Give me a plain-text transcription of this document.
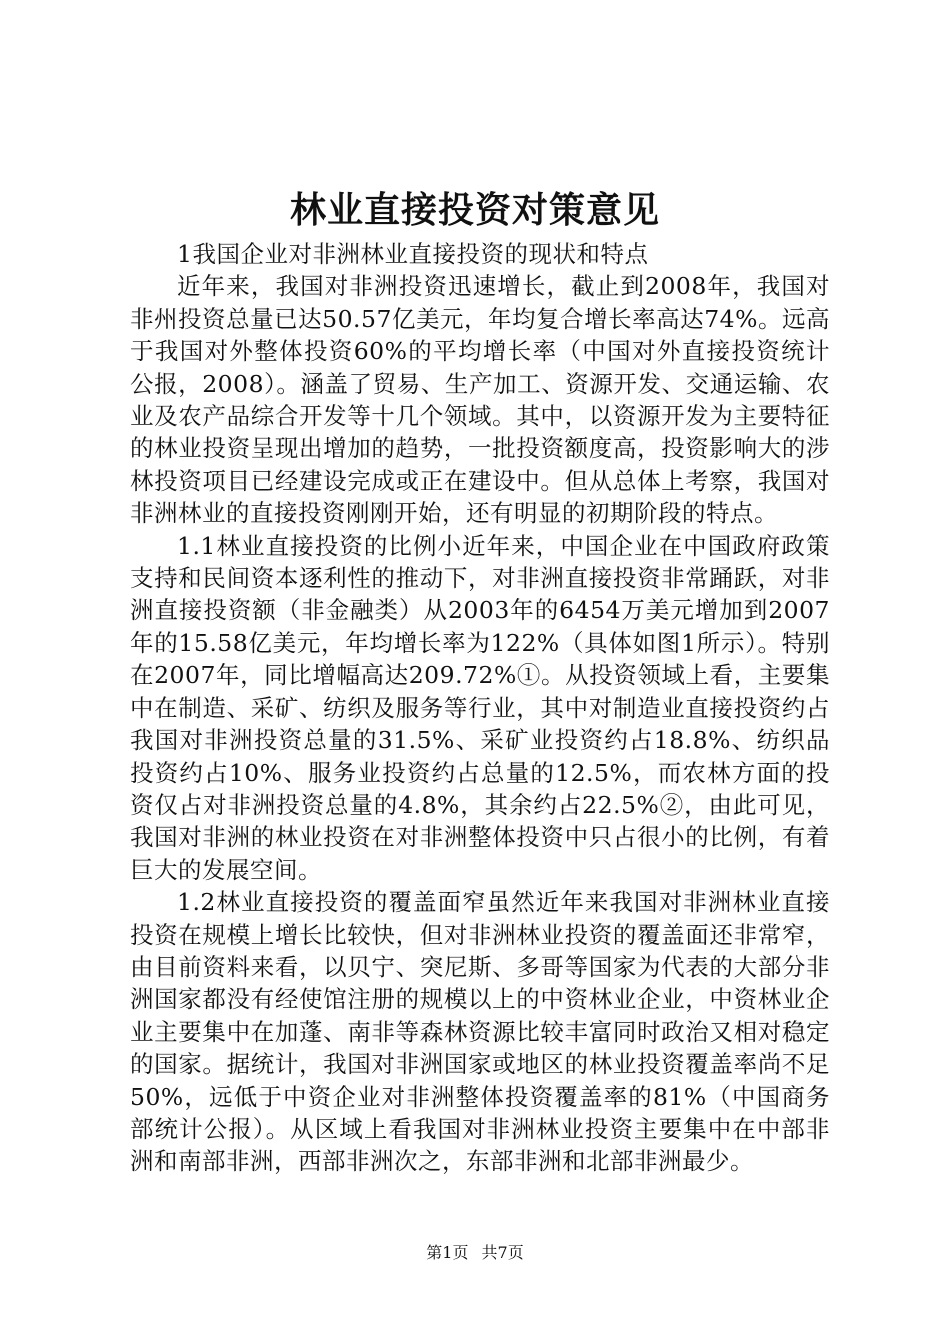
林业直接投资对策意见

1我国企业对非洲林业直接投资的现状和特点

近年来，我国对非洲投资迅速增长，截止到2008年，我国对非州投资总量已达50.57亿美元，年均复合增长率高达74%。远高于我国对外整体投资60%的平均增长率（中国对外直接投资统计公报，2008）。涵盖了贸易、生产加工、资源开发、交通运输、农业及农产品综合开发等十几个领域。其中，以资源开发为主要特征的林业投资呈现出增加的趋势，一批投资额度高，投资影响大的涉林投资项目已经建设完成或正在建设中。但从总体上考察，我国对非洲林业的直接投资刚刚开始，还有明显的初期阶段的特点。

1.1林业直接投资的比例小近年来，中国企业在中国政府政策支持和民间资本逐利性的推动下，对非洲直接投资非常踊跃，对非洲直接投资额（非金融类）从2003年的6454万美元增加到2007年的15.58亿美元，年均增长率为122%（具体如图1所示）。特别在2007年，同比增幅高达209.72%①。从投资领域上看，主要集中在制造、采矿、纺织及服务等行业，其中对制造业直接投资约占我国对非洲投资总量的31.5%、采矿业投资约占18.8%、纺织品投资约占10%、服务业投资约占总量的12.5%，而农林方面的投资仅占对非洲投资总量的4.8%，其余约占22.5%②，由此可见，我国对非洲的林业投资在对非洲整体投资中只占很小的比例，有着巨大的发展空间。

1.2林业直接投资的覆盖面窄虽然近年来我国对非洲林业直接投资在规模上增长比较快，但对非洲林业投资的覆盖面还非常窄，由目前资料来看，以贝宁、突尼斯、多哥等国家为代表的大部分非洲国家都没有经使馆注册的规模以上的中资林业企业，中资林业企业主要集中在加蓬、南非等森林资源比较丰富同时政治又相对稳定的国家。据统计，我国对非洲国家或地区的林业投资覆盖率尚不足50%，远低于中资企业对非洲整体投资覆盖率的81%（中国商务部统计公报）。从区域上看我国对非洲林业投资主要集中在中部非洲和南部非洲，西部非洲次之，东部非洲和北部非洲最少。

第1页 共7页
